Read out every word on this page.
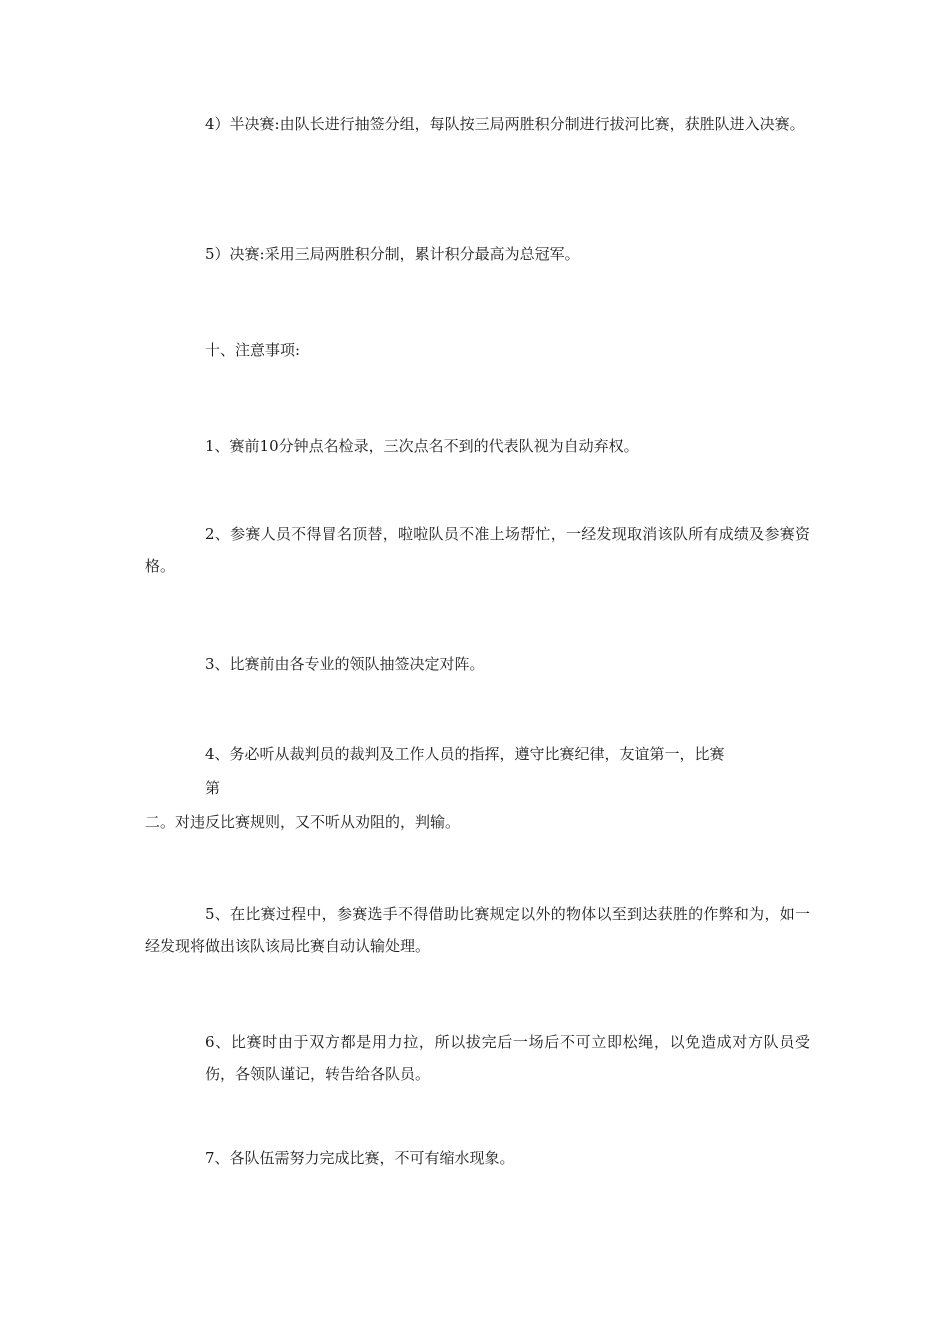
4）半决赛:由队长进行抽签分组，每队按三局两胜积分制进行拔河比赛，获胜队进入决赛。

5）决赛:采用三局两胜积分制，累计积分最高为总冠军。

十、注意事项:

1、赛前10分钟点名检录，三次点名不到的代表队视为自动弃权。

2、参赛人员不得冒名顶替，啦啦队员不准上场帮忙，一经发现取消该队所有成绩及参赛资格。

3、比赛前由各专业的领队抽签决定对阵。

4、务必听从裁判员的裁判及工作人员的指挥，遵守比赛纪律，友谊第一，比赛

第

二。对违反比赛规则，又不听从劝阻的，判输。

5、在比赛过程中，参赛选手不得借助比赛规定以外的物体以至到达获胜的作弊和为，如一经发现将做出该队该局比赛自动认输处理。

6、比赛时由于双方都是用力拉，所以拔完后一场后不可立即松绳，以免造成对方队员受伤，各领队谨记，转告给各队员。

7、各队伍需努力完成比赛，不可有缩水现象。
